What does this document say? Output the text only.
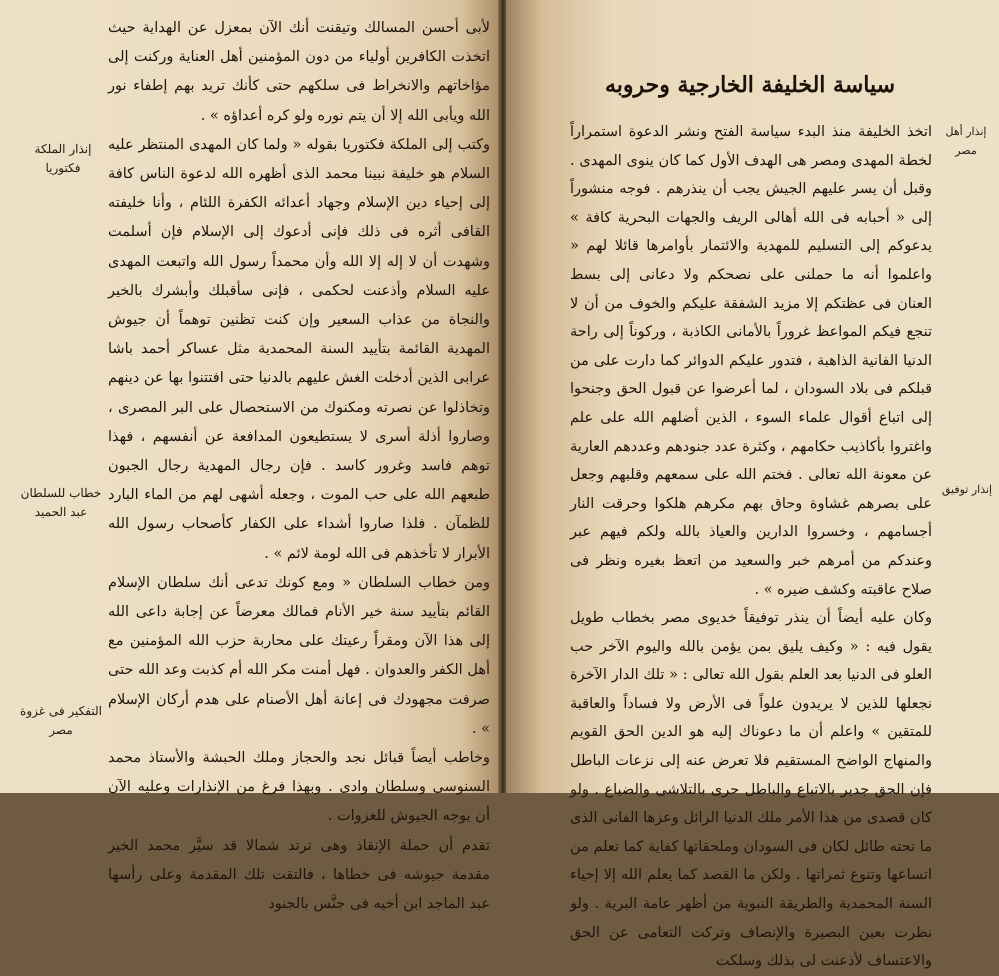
لأبى أحسن المسالك وتيقنت أنك الآن بمعزل عن الهداية حيث اتخذت الكافرين أولياء من دون المؤمنين أهل العناية وركنت إلى مؤاخاتهم والانخراط فى سلكهم حتى كأنك تريد بهم إطفاء نور الله ويأبى الله إلا أن يتم نوره ولو كره أعداؤه » .

وكتب إلى الملكة فكتوريا بقوله « ولما كان المهدى المنتظر عليه السلام هو خليفة نبينا محمد الذى أظهره الله لدعوة الناس كافة إلى إحياء دين الإسلام وجهاد أعدائه الكفرة اللئام ، وأنا خليفته القافى أثره فى ذلك فإنى أدعوك إلى الإسلام فإن أسلمت وشهدت أن لا إله إلا الله وأن محمداً رسول الله واتبعت المهدى عليه السلام وأذعنت لحكمى ، فإنى سأقبلك وأبشرك بالخير والنجاة من عذاب السعير وإن كنت تظنين توهماً أن جيوش المهدية القائمة بتأييد السنة المحمدية مثل عساكر أحمد باشا عرابى الذين أدخلت الغش عليهم بالدنيا حتى افتتنوا بها عن دينهم وتخاذلوا عن نصرته ومكنوك من الاستحصال على البر المصرى ، وصاروا أذلة أسرى لا يستطيعون المدافعة عن أنفسهم ، فهذا توهم فاسد وغرور كاسد . فإن رجال المهدية رجال الجبون طبعهم الله على حب الموت ، وجعله أشهى لهم من الماء البارد للظمآن . فلذا صاروا أشداء على الكفار كأصحاب رسول الله الأبرار لا تأخذهم فى الله لومة لائم » .

ومن خطاب السلطان « ومع كونك تدعى أنك سلطان الإسلام القائم بتأييد سنة خير الأنام فمالك معرضاً عن إجابة داعى الله إلى هذا الآن ومقراً رعيتك على محاربة حزب الله المؤمنين مع أهل الكفر والعدوان . فهل أمنت مكر الله أم كذبت وعد الله حتى صرفت مجهودك فى إعانة أهل الأصنام على هدم أركان الإسلام » .

وخاطب أيضاً قبائل نجد والحجاز وملك الحبشة والأستاذ محمد السنوسى وسلطان وادى . وبهذا فرغ من الإنذارات وعليه الآن أن يوجه الجيوش للغزوات .

تقدم أن حملة الإنقاذ وهى ترتد شمالا قد سيَّر محمد الخير مقدمة جيوشه فى خطاها ، فالتقت تلك المقدمة وعلى رأسها عبد الماجد ابن أخيه فى جنَّس بالجنود

إنذار الملكة فكتوريا
خطاب للسلطان عبد الحميد
التفكير فى غزوة مصر
سياسة الخليفة الخارجية وحروبه

اتخذ الخليفة منذ البدء سياسة الفتح ونشر الدعوة استمراراً لخطة المهدى ومصر هى الهدف الأول كما كان ينوى المهدى . وقبل أن يسر عليهم الجيش يجب أن ينذرهم . فوجه منشوراً إلى « أحبابه فى الله أهالى الريف والجهات البحرية كافة » يدعوكم إلى التسليم للمهدية والائتمار بأوامرها قائلا لهم « واعلموا أنه ما حملنى على نصحكم ولا دعانى إلى بسط العنان فى عظتكم إلا مزيد الشفقة عليكم والخوف من أن لا تنجع فيكم المواعظ غروراً بالأمانى الكاذبة ، وركوناً إلى راحة الدنيا الفانية الذاهبة ، فتدور عليكم الدوائر كما دارت على من قبلكم فى بلاد السودان ، لما أعرضوا عن قبول الحق وجنحوا إلى اتباع أقوال علماء السوء ، الذين أضلهم الله على علم واغتروا بأكاذيب حكامهم ، وكثرة عدد جنودهم وعددهم العارية عن معونة الله تعالى . فختم الله على سمعهم وقلبهم وجعل على بصرهم غشاوة وحاق بهم مكرهم هلكوا وحرقت النار أجسامهم ، وخسروا الدارين والعياذ بالله ولكم فيهم عبر وعندكم من أمرهم خبر والسعيد من اتعظ بغيره ونظر فى صلاح عاقبته وكشف ضيره » .

وكان عليه أيضاً أن ينذر توفيقاً خديوى مصر بخطاب طويل يقول فيه : « وكيف يليق بمن يؤمن بالله واليوم الآخر حب العلو فى الدنيا بعد العلم بقول الله تعالى : « تلك الدار الآخرة نجعلها للذين لا يريدون علواً فى الأرض ولا فساداً والعاقبة للمتقين » واعلم أن ما دعوناك إليه هو الدين الحق القويم والمنهاج الواضح المستقيم فلا تعرض عنه إلى نزعات الباطل فإن الحق جدير بالاتباع والباطل حرى بالتلاشى والضياع . ولو كان قصدى من هذا الأمر ملك الدنيا الزائل وعزها الفانى الذى ما تحته طائل لكان فى السودان وملحقاتها كفاية كما تعلم من اتساعها وتنوع ثمراتها . ولكن ما القصد كما يعلم الله إلا إحياء السنة المحمدية والطريقة النبوية من أظهر عامة البرية . ولو نظرت بعين البصيرة والإنصاف وتركت التعامى عن الحق والاعتساف لأذعنت لى بذلك وسلكت

إنذار أهل مصر
إنذار توفيق
